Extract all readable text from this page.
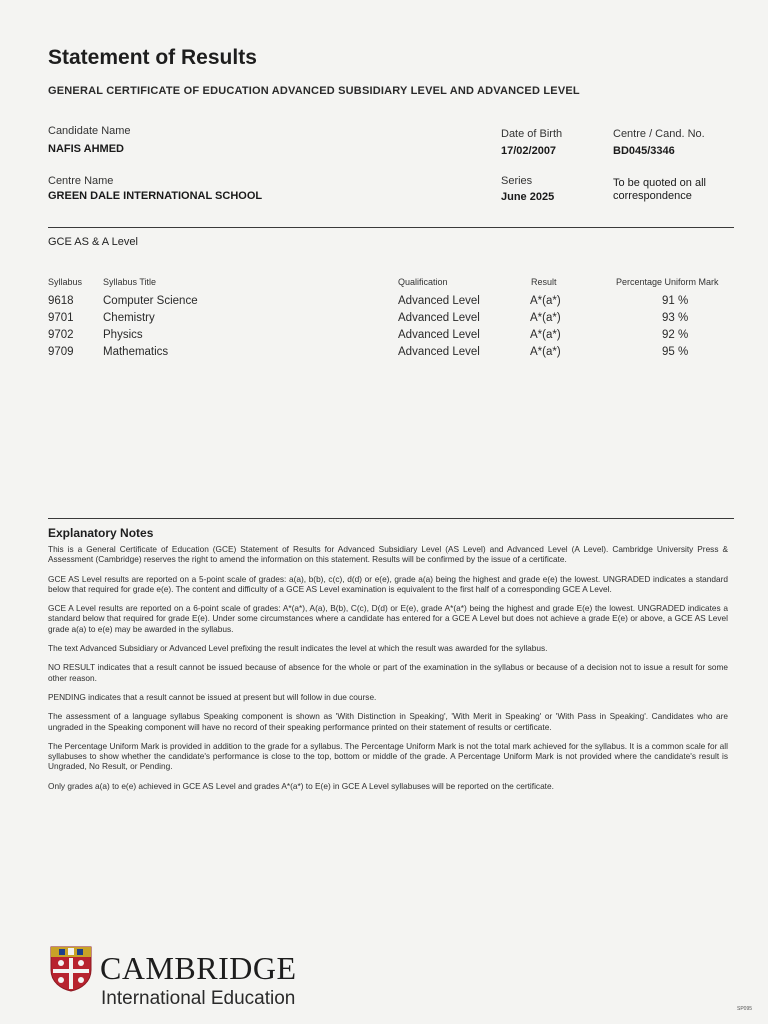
Statement of Results
GENERAL CERTIFICATE OF EDUCATION ADVANCED SUBSIDIARY LEVEL AND ADVANCED LEVEL
Candidate Name
NAFIS AHMED
Date of Birth
17/02/2007
Centre / Cand. No.
BD045/3346
Centre Name
GREEN DALE INTERNATIONAL SCHOOL
Series
June 2025
To be quoted on all
correspondence
GCE AS & A Level
Syllabus Syllabus Title	Qualification	Result	Percentage Uniform Mark
9618	Computer Science	Advanced Level	A*(a*)	91 %
9701	Chemistry	Advanced Level	A*(a*)	93 %
9702	Physics	Advanced Level	A*(a*)	92 %
9709	Mathematics	Advanced Level	A*(a*)	95 %
Explanatory Notes

This is a General Certificate of Education (GCE) Statement of Results for Advanced Subsidiary Level (AS Level) and Advanced Level (A Level). Cambridge University Press & Assessment (Cambridge) reserves the right to amend the information on this statement. Results will be confirmed by the issue of a certificate.

GCE AS Level results are reported on a 5-point scale of grades: a(a), b(b), c(c), d(d) or e(e), grade a(a) being the highest and grade e(e) the lowest. UNGRADED indicates a standard below that required for grade e(e). The content and difficulty of a GCE AS Level examination is equivalent to the first half of a corresponding GCE A Level.

GCE A Level results are reported on a 6-point scale of grades: A*(a*), A(a), B(b), C(c), D(d) or E(e), grade A*(a*) being the highest and grade E(e) the lowest. UNGRADED indicates a standard below that required for grade E(e). Under some circumstances where a candidate has entered for a GCE A Level but does not achieve a grade E(e) or above, a GCE AS Level grade a(a) to e(e) may be awarded in the syllabus.

The text Advanced Subsidiary or Advanced Level prefixing the result indicates the level at which the result was awarded for the syllabus.

NO RESULT indicates that a result cannot be issued because of absence for the whole or part of the examination in the syllabus or because of a decision not to issue a result for some other reason.

PENDING indicates that a result cannot be issued at present but will follow in due course.

The assessment of a language syllabus Speaking component is shown as 'With Distinction in Speaking', 'With Merit in Speaking' or 'With Pass in Speaking'. Candidates who are ungraded in the Speaking component will have no record of their speaking performance printed on their statement of results or certificate.

The Percentage Uniform Mark is provided in addition to the grade for a syllabus. The Percentage Uniform Mark is not the total mark achieved for the syllabus. It is a common scale for all syllabuses to show whether the candidate's performance is close to the top, bottom or middle of the grade. A Percentage Uniform Mark is not provided where the candidate's result is Ungraded, No Result, or Pending.

Only grades a(a) to e(e) achieved in GCE AS Level and grades A*(a*) to E(e) in GCE A Level syllabuses will be reported on the certificate.

CAMBRIDGE
International Education	SP095
